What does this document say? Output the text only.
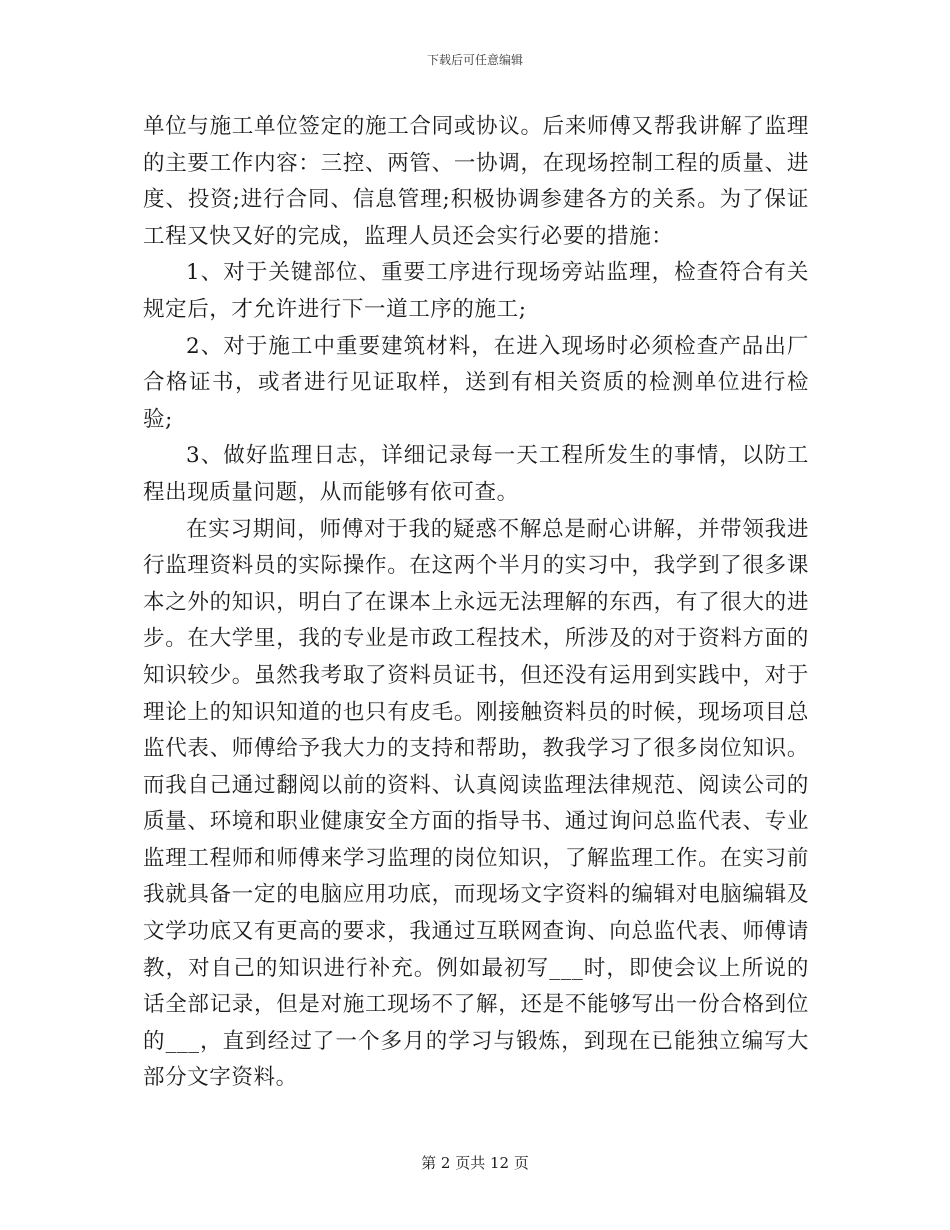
下载后可任意编辑

单位与施工单位签定的施工合同或协议。后来师傅又帮我讲解了监理的主要工作内容：三控、两管、一协调，在现场控制工程的质量、进度、投资;进行合同、信息管理;积极协调参建各方的关系。为了保证工程又快又好的完成，监理人员还会实行必要的措施：

1、对于关键部位、重要工序进行现场旁站监理，检查符合有关规定后，才允许进行下一道工序的施工;

2、对于施工中重要建筑材料，在进入现场时必须检查产品出厂合格证书，或者进行见证取样，送到有相关资质的检测单位进行检验;

3、做好监理日志，详细记录每一天工程所发生的事情，以防工程出现质量问题，从而能够有依可查。

在实习期间，师傅对于我的疑惑不解总是耐心讲解，并带领我进行监理资料员的实际操作。在这两个半月的实习中，我学到了很多课本之外的知识，明白了在课本上永远无法理解的东西，有了很大的进步。在大学里，我的专业是市政工程技术，所涉及的对于资料方面的知识较少。虽然我考取了资料员证书，但还没有运用到实践中，对于理论上的知识知道的也只有皮毛。刚接触资料员的时候，现场项目总监代表、师傅给予我大力的支持和帮助，教我学习了很多岗位知识。而我自己通过翻阅以前的资料、认真阅读监理法律规范、阅读公司的质量、环境和职业健康安全方面的指导书、通过询问总监代表、专业监理工程师和师傅来学习监理的岗位知识，了解监理工作。在实习前我就具备一定的电脑应用功底，而现场文字资料的编辑对电脑编辑及文学功底又有更高的要求，我通过互联网查询、向总监代表、师傅请教，对自己的知识进行补充。例如最初写___时，即使会议上所说的话全部记录，但是对施工现场不了解，还是不能够写出一份合格到位的___，直到经过了一个多月的学习与锻炼，到现在已能独立编写大部分文字资料。

第 2 页共 12 页
